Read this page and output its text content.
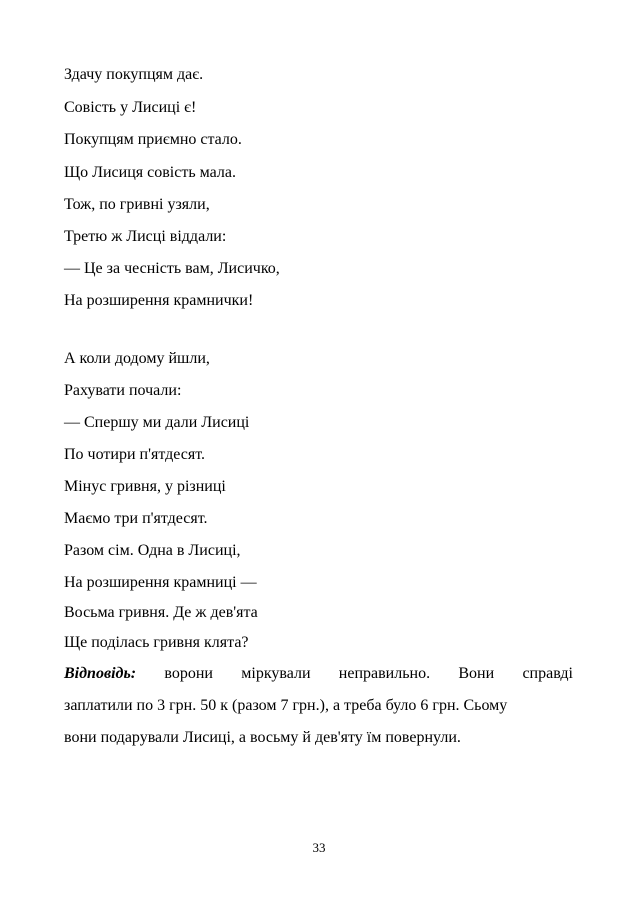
Здачу покупцям дає.
Совість у Лисиці є!
Покупцям приємно стало.
Що Лисиця совість мала.
Тож, по гривні узяли,
Третю ж Лисці віддали:
— Це за чесність вам, Лисичко,
На розширення крамнички!
А коли додому йшли,
Рахувати почали:
— Спершу ми дали Лисиці
По чотири п'ятдесят.
Мінус гривня, у різниці
Маємо три п'ятдесят.
Разом сім. Одна в Лисиці,
На розширення крамниці —
Восьма гривня. Де ж дев'ята
Ще поділась гривня клята?
Відповідь: ворони міркували неправильно. Вони справді
заплатили по 3 грн. 50 к (разом 7 грн.), а треба було 6 грн. Сьому
вони подарували Лисиці, а восьму й дев'яту їм повернули.
33
